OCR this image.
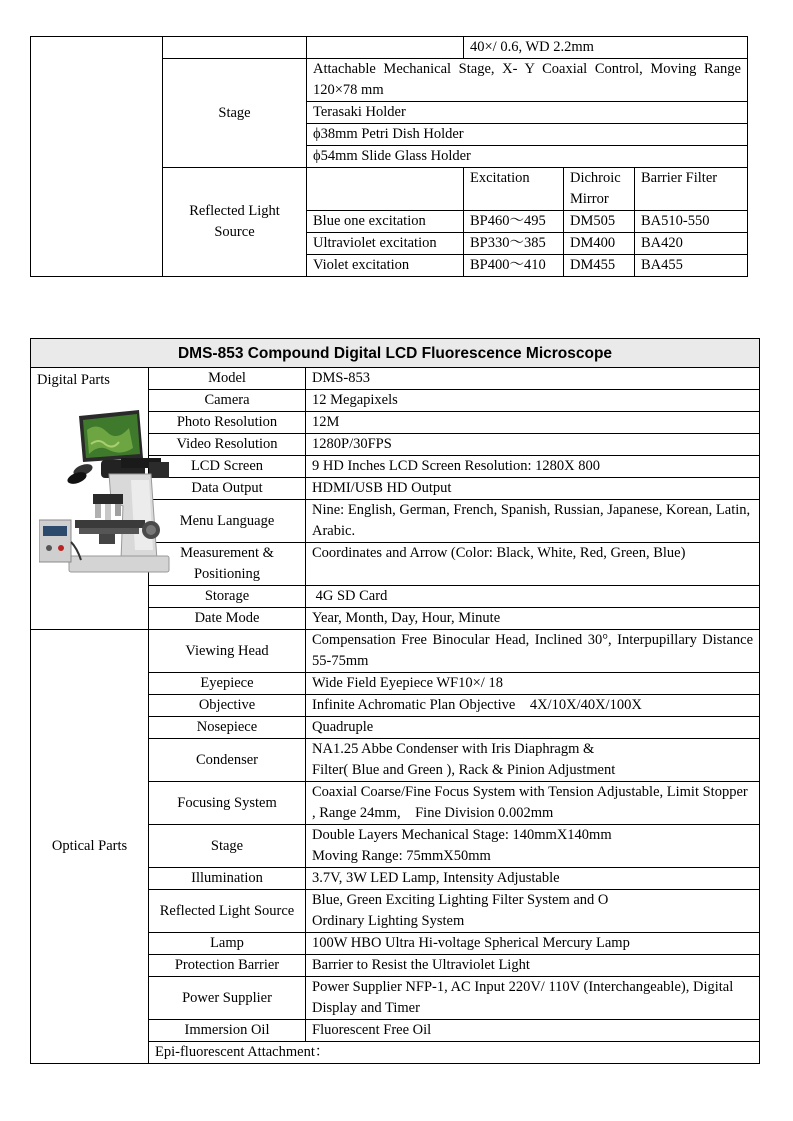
			40×/ 0.6, WD 2.2mm		
	Stage	Attachable Mechanical Stage, X- Y Coaxial Control, Moving Range 120×78 mm			
		Terasaki Holder			
		ϕ38mm Petri Dish Holder			
		ϕ54mm Slide Glass Holder			
	Reflected Light Source		Excitation	Dichroic Mirror	Barrier Filter
		Blue one excitation	BP460～495	DM505	BA510-550
		Ultraviolet excitation	BP330～385	DM400	BA420
		Violet excitation	BP400～410	DM455	BA455
DMS-853 Compound Digital LCD Fluorescence Microscope		

Digital Parts	Model	DMS-853
	Camera	12 Megapixels
	Photo Resolution	12M
	Video Resolution	1280P/30FPS
	LCD Screen	9 HD Inches LCD Screen Resolution: 1280X 800
	Data Output	HDMI/USB HD Output
	Menu Language	Nine: English, German, French, Spanish, Russian, Japanese, Korean, Latin, Arabic.
	Measurement & Positioning	Coordinates and Arrow (Color: Black, White, Red, Green, Blue)
	Storage	4G SD Card
	Date Mode	Year, Month, Day, Hour, Minute
Optical Parts	Viewing Head	Compensation Free Binocular Head, Inclined 30°, Interpupillary Distance 55-75mm
	Eyepiece	Wide Field Eyepiece WF10×/ 18
	Objective	Infinite Achromatic Plan Objective    4X/10X/40X/100X
	Nosepiece	Quadruple
	Condenser	NA1.25 Abbe Condenser with Iris Diaphragm & Filter( Blue and Green ), Rack & Pinion Adjustment
	Focusing System	Coaxial Coarse/Fine Focus System with Tension Adjustable, Limit Stopper , Range 24mm,    Fine Division 0.002mm
	Stage	Double Layers Mechanical Stage: 140mmX140mm Moving Range: 75mmX50mm
	Illumination	3.7V, 3W LED Lamp, Intensity Adjustable
	Reflected Light Source	Blue, Green Exciting Lighting Filter System and O Ordinary Lighting System
	Lamp	100W HBO Ultra Hi-voltage Spherical Mercury Lamp
	Protection Barrier	Barrier to Resist the Ultraviolet Light
	Power Supplier	Power Supplier NFP-1, AC Input 220V/ 110V (Interchangeable), Digital Display and Timer
	Immersion Oil	Fluorescent Free Oil
	Epi-fluorescent Attachment：	
